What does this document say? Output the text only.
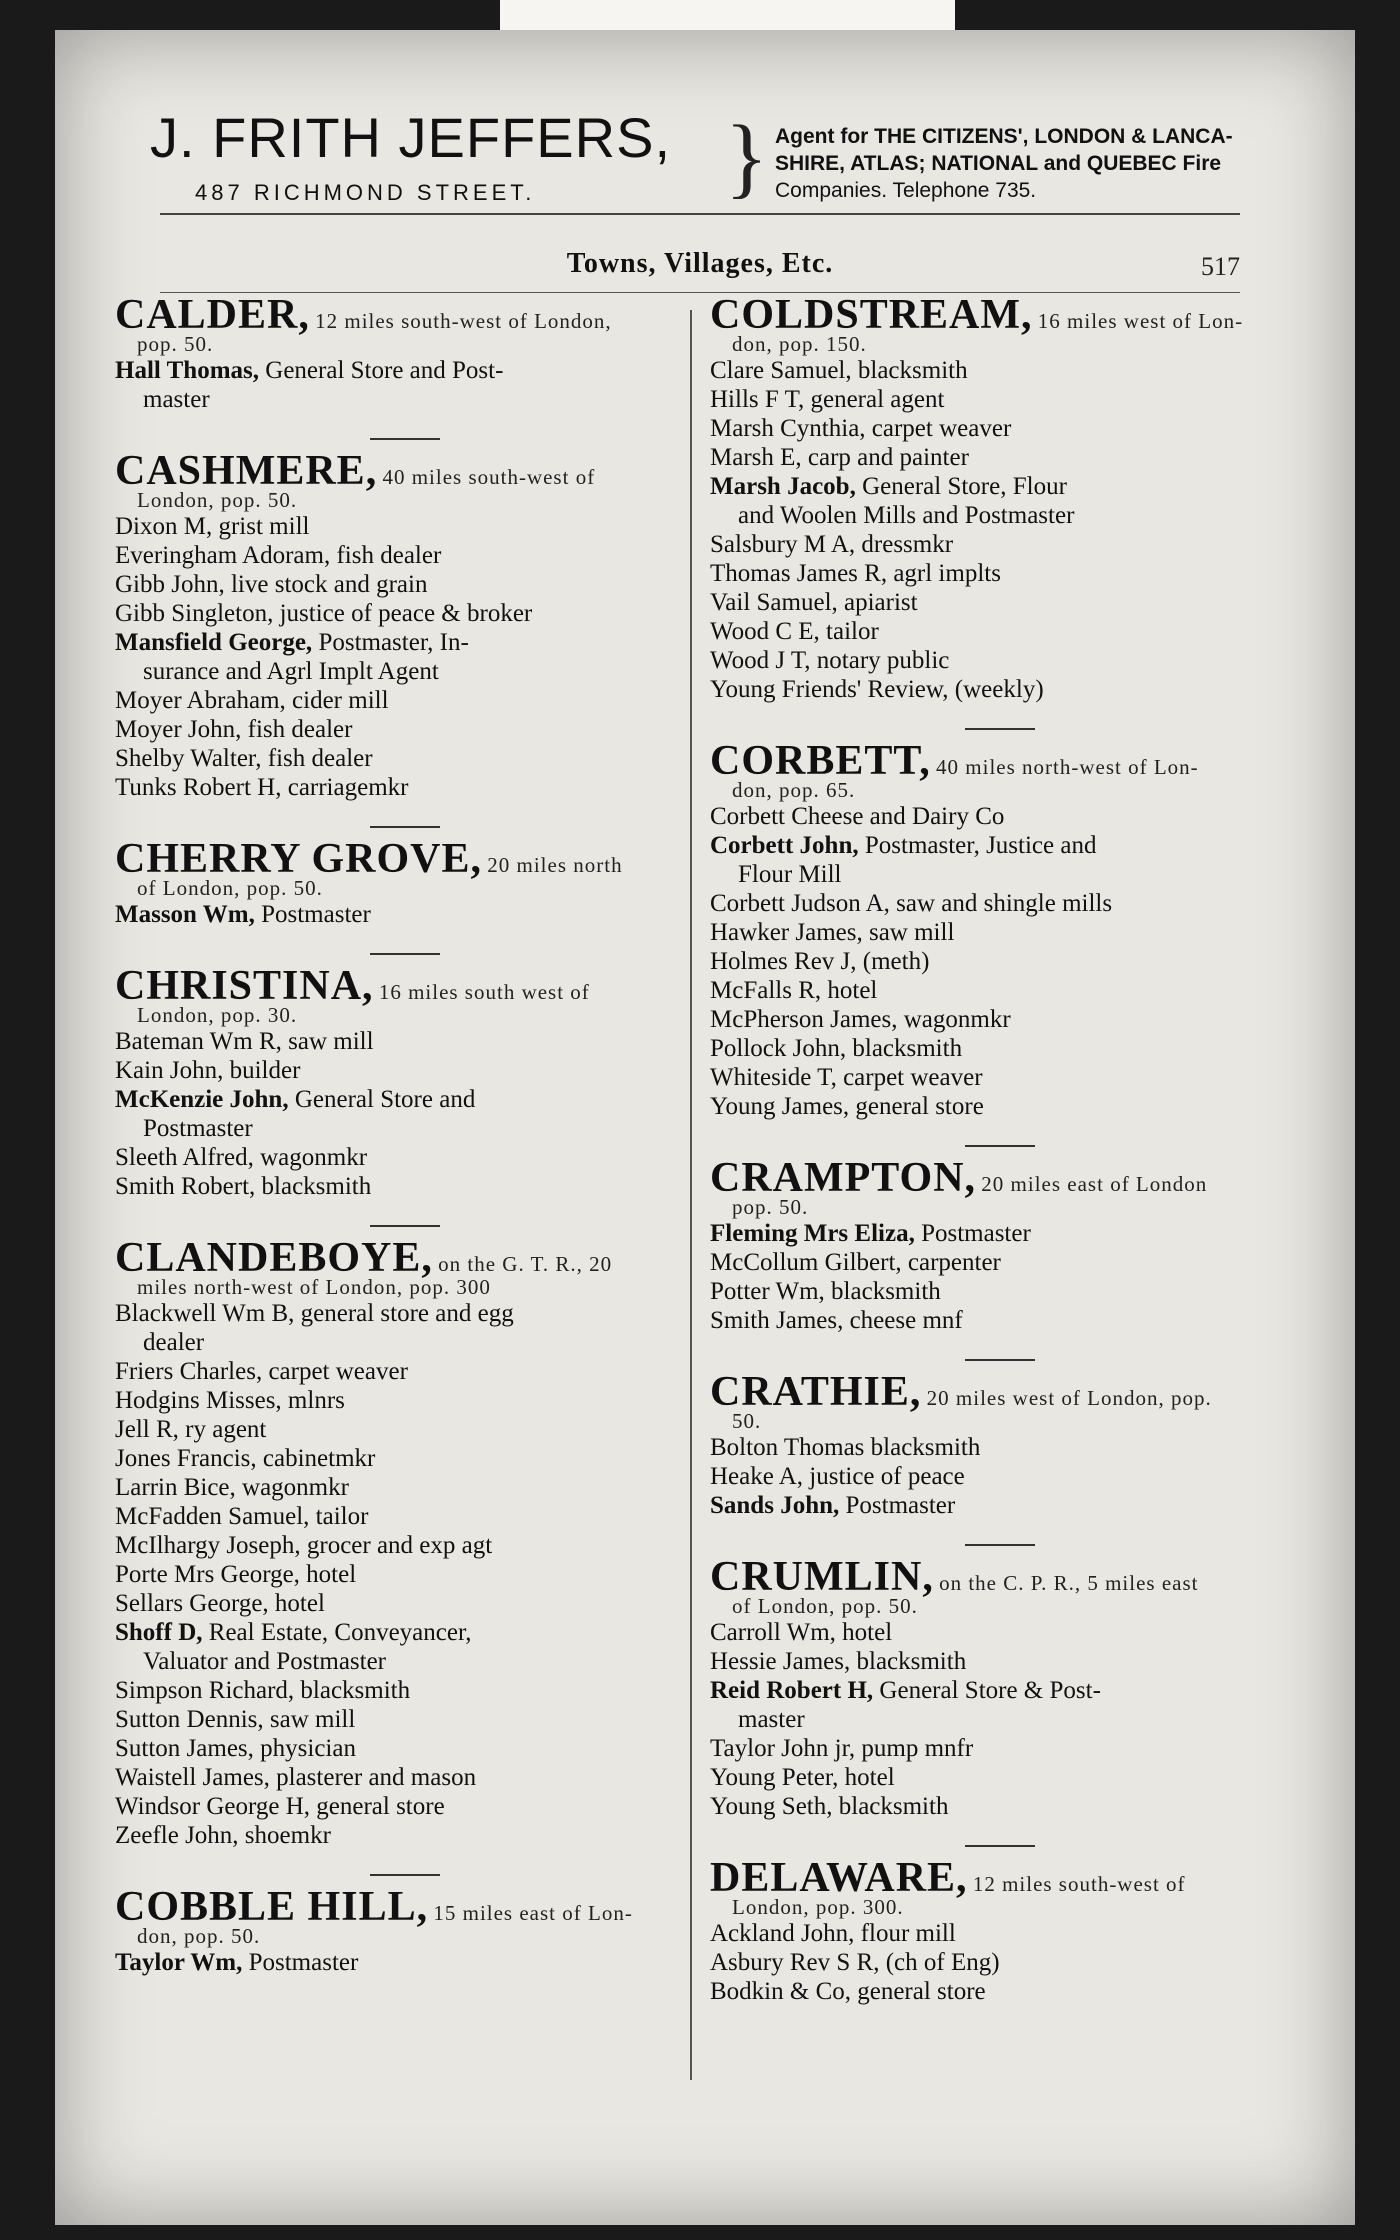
J. FRITH JEFFERS,
487 RICHMOND STREET. } Agent for THE CITIZENS', LONDON & LANCA-
SHIRE, ATLAS; NATIONAL and QUEBEC Fire
Companies. Telephone 735.
Towns, Villages, Etc.	517
CALDER, 12 miles south-west of London,
pop. 50.
Hall Thomas, General Store and Post-
master
CASHMERE, 40 miles south-west of
London, pop. 50.
Dixon M, grist mill
Everingham Adoram, fish dealer
Gibb John, live stock and grain
Gibb Singleton, justice of peace & broker
Mansfield George, Postmaster, In-
surance and Agrl Implt Agent
Moyer Abraham, cider mill
Moyer John, fish dealer
Shelby Walter, fish dealer
Tunks Robert H, carriagemkr
CHERRY GROVE, 20 miles north
of London, pop. 50.
Masson Wm, Postmaster
CHRISTINA, 16 miles south west of
London, pop. 30.
Bateman Wm R, saw mill
Kain John, builder
McKenzie John, General Store and
Postmaster
Sleeth Alfred, wagonmkr
Smith Robert, blacksmith
CLANDEBOYE, on the G. T. R., 20
miles north-west of London, pop. 300
Blackwell Wm B, general store and egg
dealer
Friers Charles, carpet weaver
Hodgins Misses, mlnrs
Jell R, ry agent
Jones Francis, cabinetmkr
Larrin Bice, wagonmkr
McFadden Samuel, tailor
McIlhargy Joseph, grocer and exp agt
Porte Mrs George, hotel
Sellars George, hotel
Shoff D, Real Estate, Conveyancer,
Valuator and Postmaster
Simpson Richard, blacksmith
Sutton Dennis, saw mill
Sutton James, physician
Waistell James, plasterer and mason
Windsor George H, general store
Zeefle John, shoemkr
COBBLE HILL, 15 miles east of Lon-
don, pop. 50.
Taylor Wm, Postmaster
COLDSTREAM, 16 miles west of Lon-
don, pop. 150.
Clare Samuel, blacksmith
Hills F T, general agent
Marsh Cynthia, carpet weaver
Marsh E, carp and painter
Marsh Jacob, General Store, Flour
and Woolen Mills and Postmaster
Salsbury M A, dressmkr
Thomas James R, agrl implts
Vail Samuel, apiarist
Wood C E, tailor
Wood J T, notary public
Young Friends' Review, (weekly)
CORBETT, 40 miles north-west of Lon-
don, pop. 65.
Corbett Cheese and Dairy Co
Corbett John, Postmaster, Justice and
Flour Mill
Corbett Judson A, saw and shingle mills
Hawker James, saw mill
Holmes Rev J, (meth)
McFalls R, hotel
McPherson James, wagonmkr
Pollock John, blacksmith
Whiteside T, carpet weaver
Young James, general store
CRAMPTON, 20 miles east of London
pop. 50.
Fleming Mrs Eliza, Postmaster
McCollum Gilbert, carpenter
Potter Wm, blacksmith
Smith James, cheese mnf
CRATHIE, 20 miles west of London, pop.
50.
Bolton Thomas blacksmith
Heake A, justice of peace
Sands John, Postmaster
CRUMLIN, on the C. P. R., 5 miles east
of London, pop. 50.
Carroll Wm, hotel
Hessie James, blacksmith
Reid Robert H, General Store & Post-
master
Taylor John jr, pump mnfr
Young Peter, hotel
Young Seth, blacksmith
DELAWARE, 12 miles south-west of
London, pop. 300.
Ackland John, flour mill
Asbury Rev S R, (ch of Eng)
Bodkin & Co, general store
